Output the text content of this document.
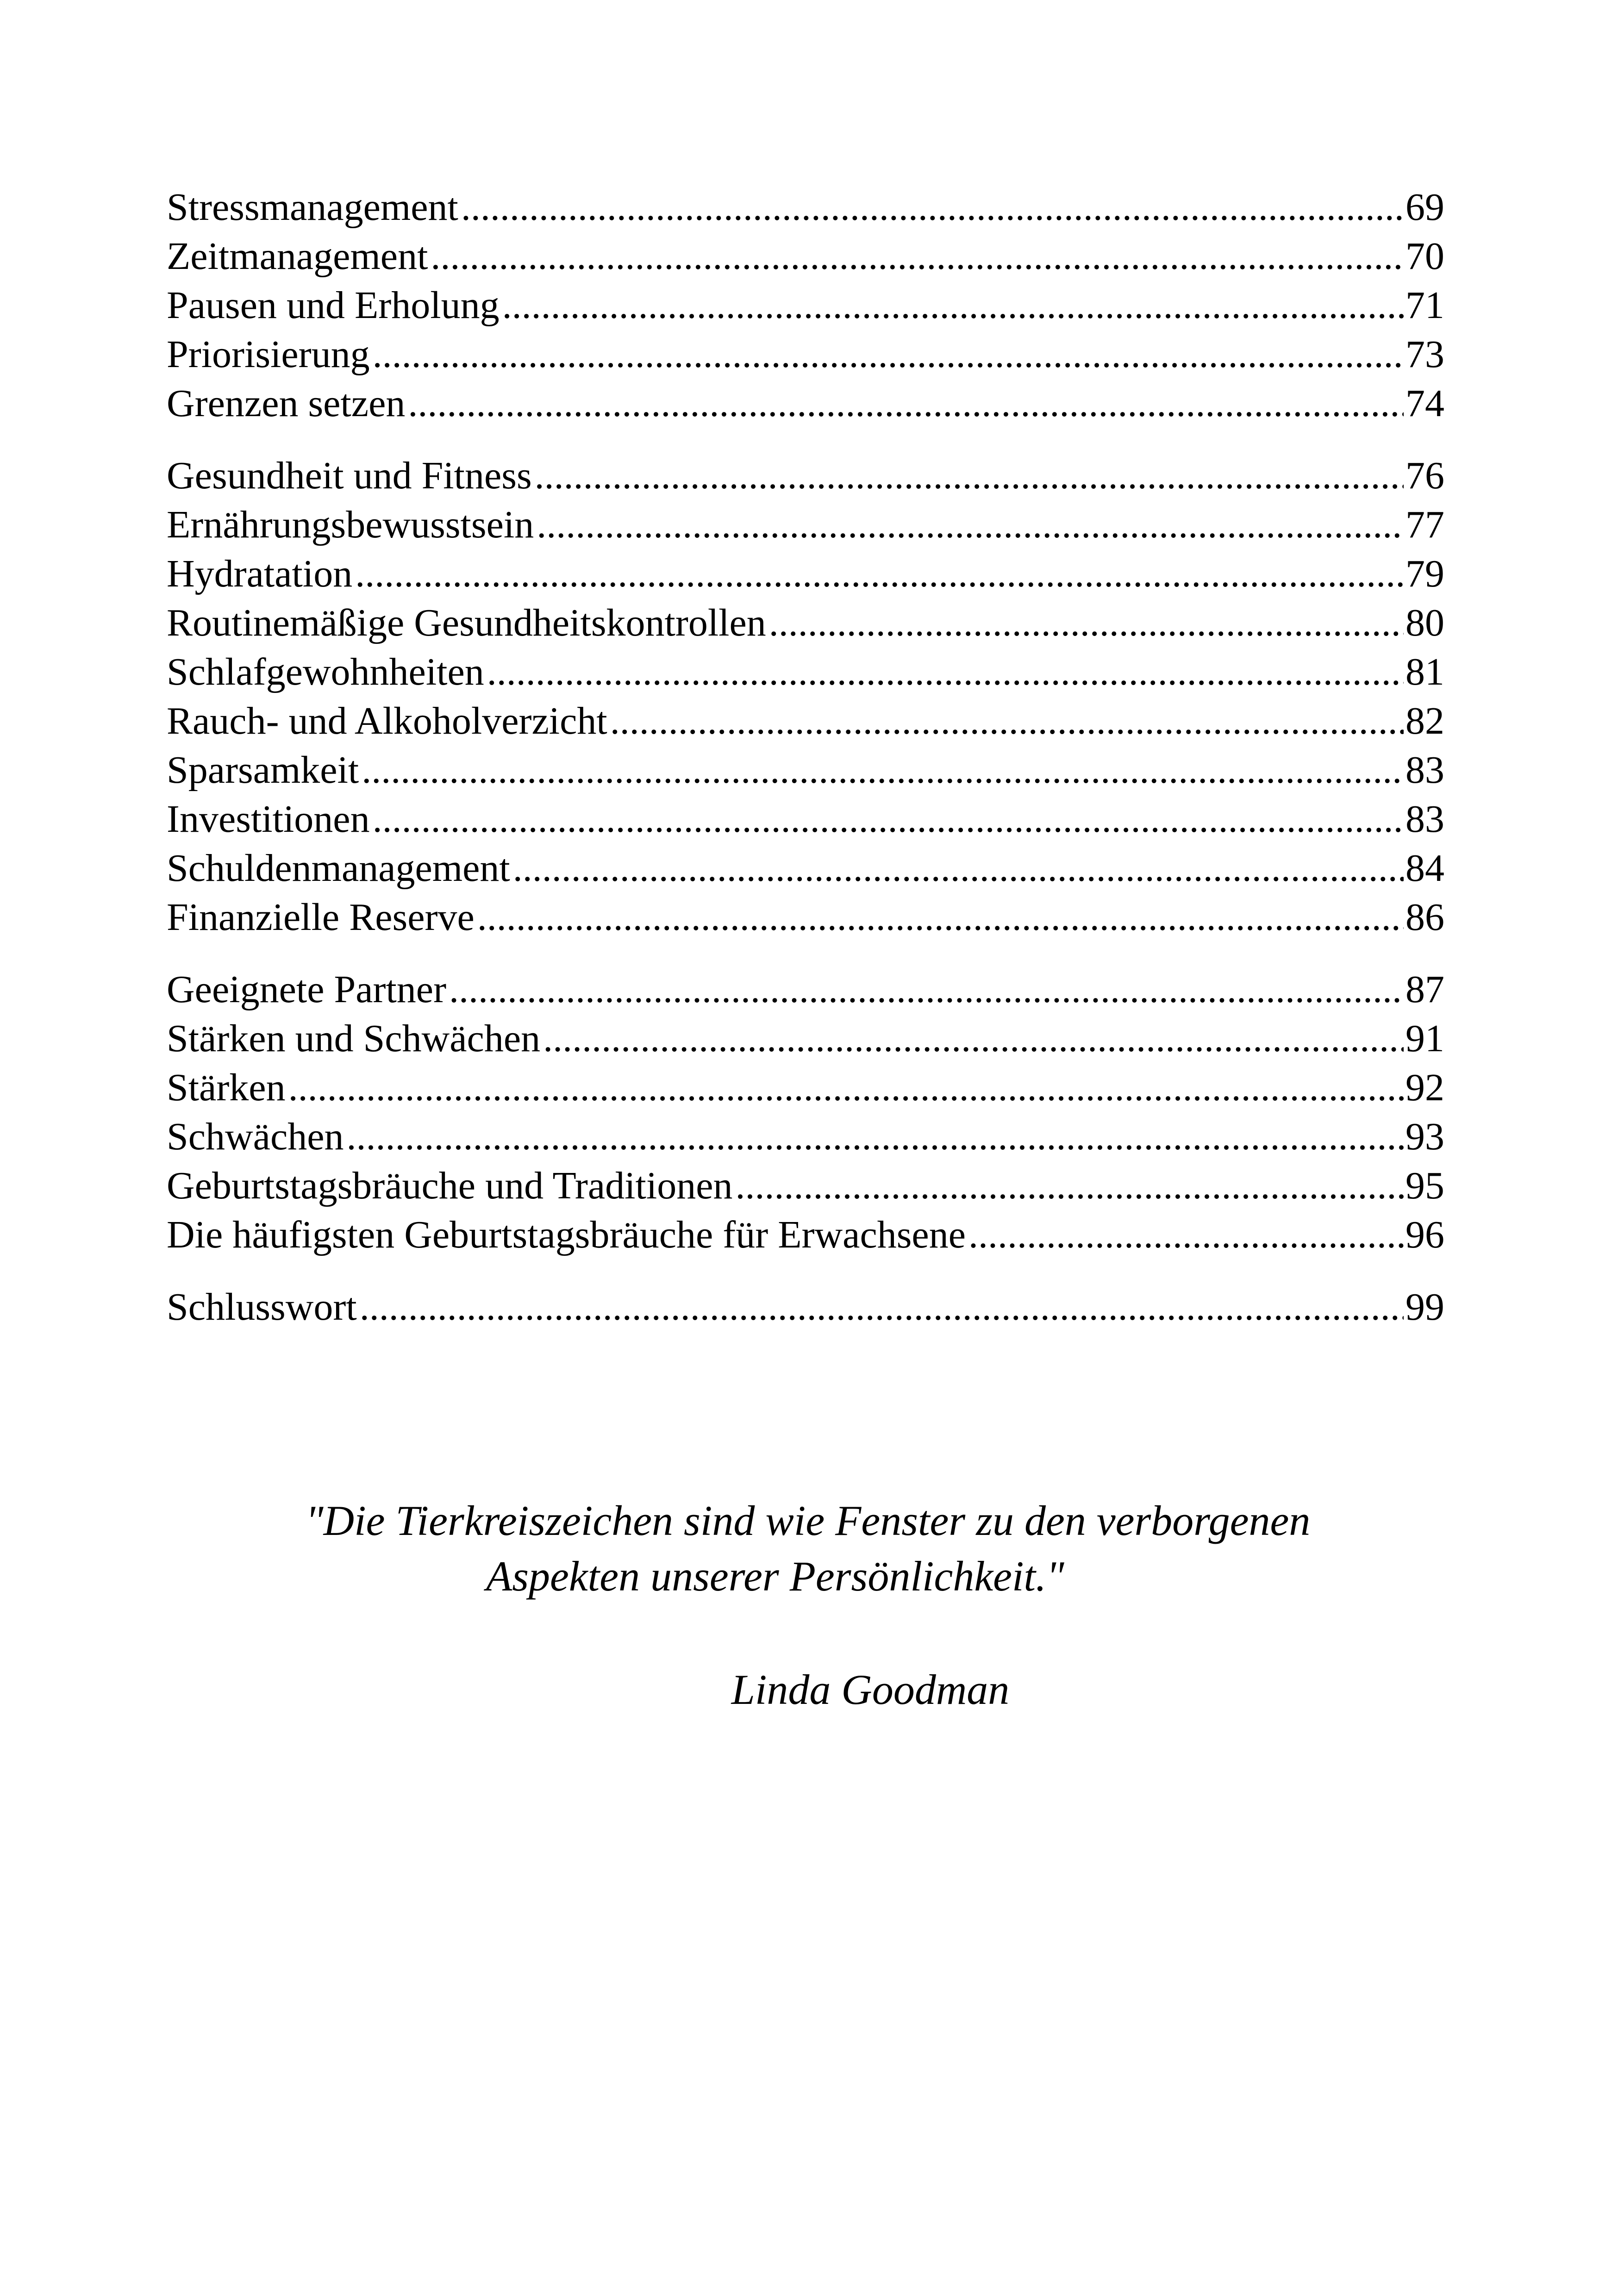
Stressmanagement .....	69
Zeitmanagement .....	70
Pausen und Erholung .....	71
Priorisierung .....	73
Grenzen setzen .....	74
Gesundheit und Fitness .....	76
Ernährungsbewusstsein .....	77
Hydratation .....	79
Routinemäßige Gesundheitskontrollen .....	80
Schlafgewohnheiten .....	81
Rauch- und Alkoholverzicht .....	82
Sparsamkeit .....	83
Investitionen .....	83
Schuldenmanagement .....	84
Finanzielle Reserve .....	86
Geeignete Partner .....	87
Stärken und Schwächen .....	91
Stärken .....	92
Schwächen .....	93
Geburtstagsbräuche und Traditionen .....	95
Die häufigsten Geburtstagsbräuche für Erwachsene .....	96
Schlusswort .....	99
"Die Tierkreiszeichen sind wie Fenster zu den verborgenen
Aspekten unserer Persönlichkeit."
Linda Goodman
